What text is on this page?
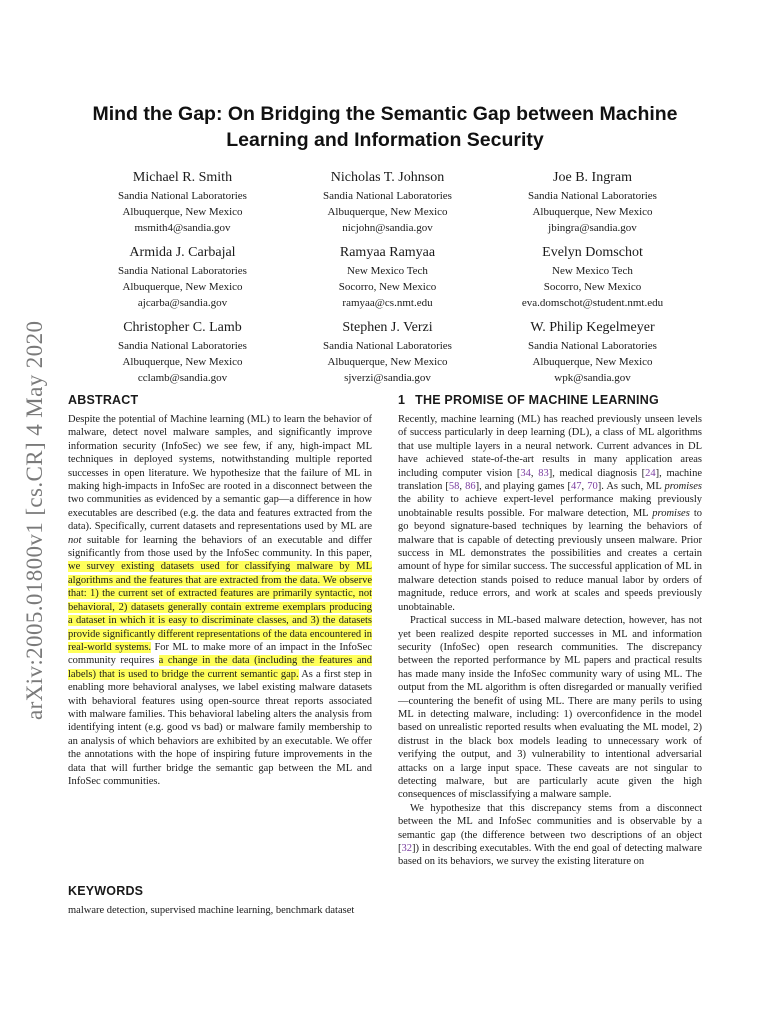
arXiv:2005.01800v1 [cs.CR] 4 May 2020
Mind the Gap: On Bridging the Semantic Gap between Machine Learning and Information Security
Michael R. Smith
Sandia National Laboratories
Albuquerque, New Mexico
msmith4@sandia.gov
Nicholas T. Johnson
Sandia National Laboratories
Albuquerque, New Mexico
nicjohn@sandia.gov
Joe B. Ingram
Sandia National Laboratories
Albuquerque, New Mexico
jbingra@sandia.gov
Armida J. Carbajal
Sandia National Laboratories
Albuquerque, New Mexico
ajcarba@sandia.gov
Ramyaa Ramyaa
New Mexico Tech
Socorro, New Mexico
ramyaa@cs.nmt.edu
Evelyn Domschot
New Mexico Tech
Socorro, New Mexico
eva.domschot@student.nmt.edu
Christopher C. Lamb
Sandia National Laboratories
Albuquerque, New Mexico
cclamb@sandia.gov
Stephen J. Verzi
Sandia National Laboratories
Albuquerque, New Mexico
sjverzi@sandia.gov
W. Philip Kegelmeyer
Sandia National Laboratories
Albuquerque, New Mexico
wpk@sandia.gov
ABSTRACT

Despite the potential of Machine learning (ML) to learn the behavior of malware, detect novel malware samples, and significantly improve information security (InfoSec) we see few, if any, high-impact ML techniques in deployed systems, notwithstanding multiple reported successes in open literature. We hypothesize that the failure of ML in making high-impacts in InfoSec are rooted in a disconnect between the two communities as evidenced by a semantic gap—a difference in how executables are described (e.g. the data and features extracted from the data). Specifically, current datasets and representations used by ML are not suitable for learning the behaviors of an executable and differ significantly from those used by the InfoSec community. In this paper, we survey existing datasets used for classifying malware by ML algorithms and the features that are extracted from the data. We observe that: 1) the current set of extracted features are primarily syntactic, not behavioral, 2) datasets generally contain extreme exemplars producing a dataset in which it is easy to discriminate classes, and 3) the datasets provide significantly different representations of the data encountered in real-world systems. For ML to make more of an impact in the InfoSec community requires a change in the data (including the features and labels) that is used to bridge the current semantic gap. As a first step in enabling more behavioral analyses, we label existing malware datasets with behavioral features using open-source threat reports associated with malware families. This behavioral labeling alters the analysis from identifying intent (e.g. good vs bad) or malware family membership to an analysis of which behaviors are exhibited by an executable. We offer the annotations with the hope of inspiring future improvements in the data that will further bridge the semantic gap between the ML and InfoSec communities.

KEYWORDS

malware detection, supervised machine learning, benchmark dataset

1 THE PROMISE OF MACHINE LEARNING

Recently, machine learning (ML) has reached previously unseen levels of success particularly in deep learning (DL), a class of ML algorithms that use multiple layers in a neural network. Current advances in DL have achieved state-of-the-art results in many application areas including computer vision [34, 83], medical diagnosis [24], machine translation [58, 86], and playing games [47, 70]. As such, ML promises the ability to achieve expert-level performance making previously unobtainable results possible. For malware detection, ML promises to go beyond signature-based techniques by learning the behaviors of malware that is capable of detecting previously unseen malware. Prior success in ML demonstrates the possibilities and creates a certain amount of hype for similar success. The successful application of ML in malware detection stands poised to reduce manual labor by orders of magnitude, reduce errors, and work at scales and speeds previously unobtainable.

Practical success in ML-based malware detection, however, has not yet been realized despite reported successes in ML and information security (InfoSec) open research communities. The discrepancy between the reported performance by ML papers and practical results has made many inside the InfoSec community wary of using ML. The output from the ML algorithm is often disregarded or manually verified—countering the benefit of using ML. There are many perils to using ML in detecting malware, including: 1) overconfidence in the model based on unrealistic reported results when evaluating the ML model, 2) distrust in the black box models leading to unnecessary work of verifying the output, and 3) vulnerability to intentional adversarial attacks on a large input space. These caveats are not singular to detecting malware, but are particularly acute given the high consequences of misclassifying a malware sample.

We hypothesize that this discrepancy stems from a disconnect between the ML and InfoSec communities and is observable by a semantic gap (the difference between two descriptions of an object [32]) in describing executables. With the end goal of detecting malware based on its behaviors, we survey the existing literature on
